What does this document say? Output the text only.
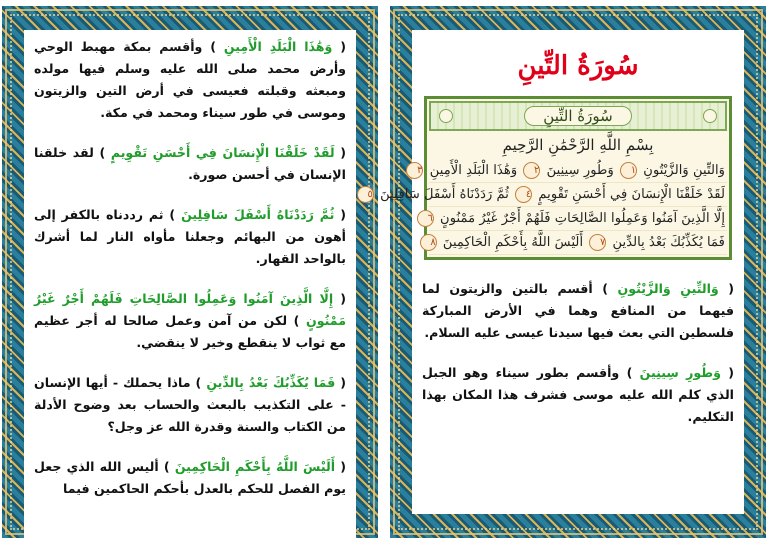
( وَهَٰذَا الْبَلَدِ الْأَمِينِ ) وأقسم بمكة مهبط الوحي وأرض محمد صلى الله عليه وسلم فيها مولده ومبعثه وقبلته فعيسى في أرض التين والزيتون وموسى في طور سيناء ومحمد في مكة.

( لَقَدْ خَلَقْنَا الْإِنسَانَ فِي أَحْسَنِ تَقْوِيمٍ ) لقد خلقنا الإنسان في أحسن صورة.

( ثُمَّ رَدَدْنَاهُ أَسْفَلَ سَافِلِينَ ) ثم رددناه بالكفر إلى أهون من البهائم وجعلنا مأواه النار لما أشرك بالواحد القهار.

( إِلَّا الَّذِينَ آمَنُوا وَعَمِلُوا الصَّالِحَاتِ فَلَهُمْ أَجْرٌ غَيْرُ مَمْنُونٍ ) لكن من آمن وعمل صالحا له أجر عظيم مع ثواب لا ينقطع وخير لا ينقضي.

( فَمَا يُكَذِّبُكَ بَعْدُ بِالدِّينِ ) ماذا يحملك - أيها الإنسان - على التكذيب بالبعث والحساب بعد وضوح الأدلة من الكتاب والسنة وقدرة الله عز وجل؟

( أَلَيْسَ اللَّهُ بِأَحْكَمِ الْحَاكِمِينَ ) أليس الله الذي جعل يوم الفصل للحكم بالعدل بأحكم الحاكمين فيما

سُورَةُ التِّينِ
سُورَةُ التِّينِ
بِسْمِ اللَّهِ الرَّحْمَٰنِ الرَّحِيمِ
وَالتِّينِ وَالزَّيْتُونِ ١ وَطُورِ سِينِينَ ٢ وَهَٰذَا الْبَلَدِ الْأَمِينِ ٣
لَقَدْ خَلَقْنَا الْإِنسَانَ فِي أَحْسَنِ تَقْوِيمٍ ٤ ثُمَّ رَدَدْنَاهُ أَسْفَلَ سَافِلِينَ ٥
إِلَّا الَّذِينَ آمَنُوا وَعَمِلُوا الصَّالِحَاتِ فَلَهُمْ أَجْرٌ غَيْرُ مَمْنُونٍ ٦
فَمَا يُكَذِّبُكَ بَعْدُ بِالدِّينِ ٧ أَلَيْسَ اللَّهُ بِأَحْكَمِ الْحَاكِمِينَ ٨

( وَالتِّينِ وَالزَّيْتُونِ ) أقسم بالتين والزيتون لما فيهما من المنافع وهما في الأرض المباركة فلسطين التي بعث فيها سيدنا عيسى عليه السلام.

( وَطُورِ سِينِينَ ) وأقسم بطور سيناء وهو الجبل الذي كلم الله عليه موسى فشرف هذا المكان بهذا التكليم.
